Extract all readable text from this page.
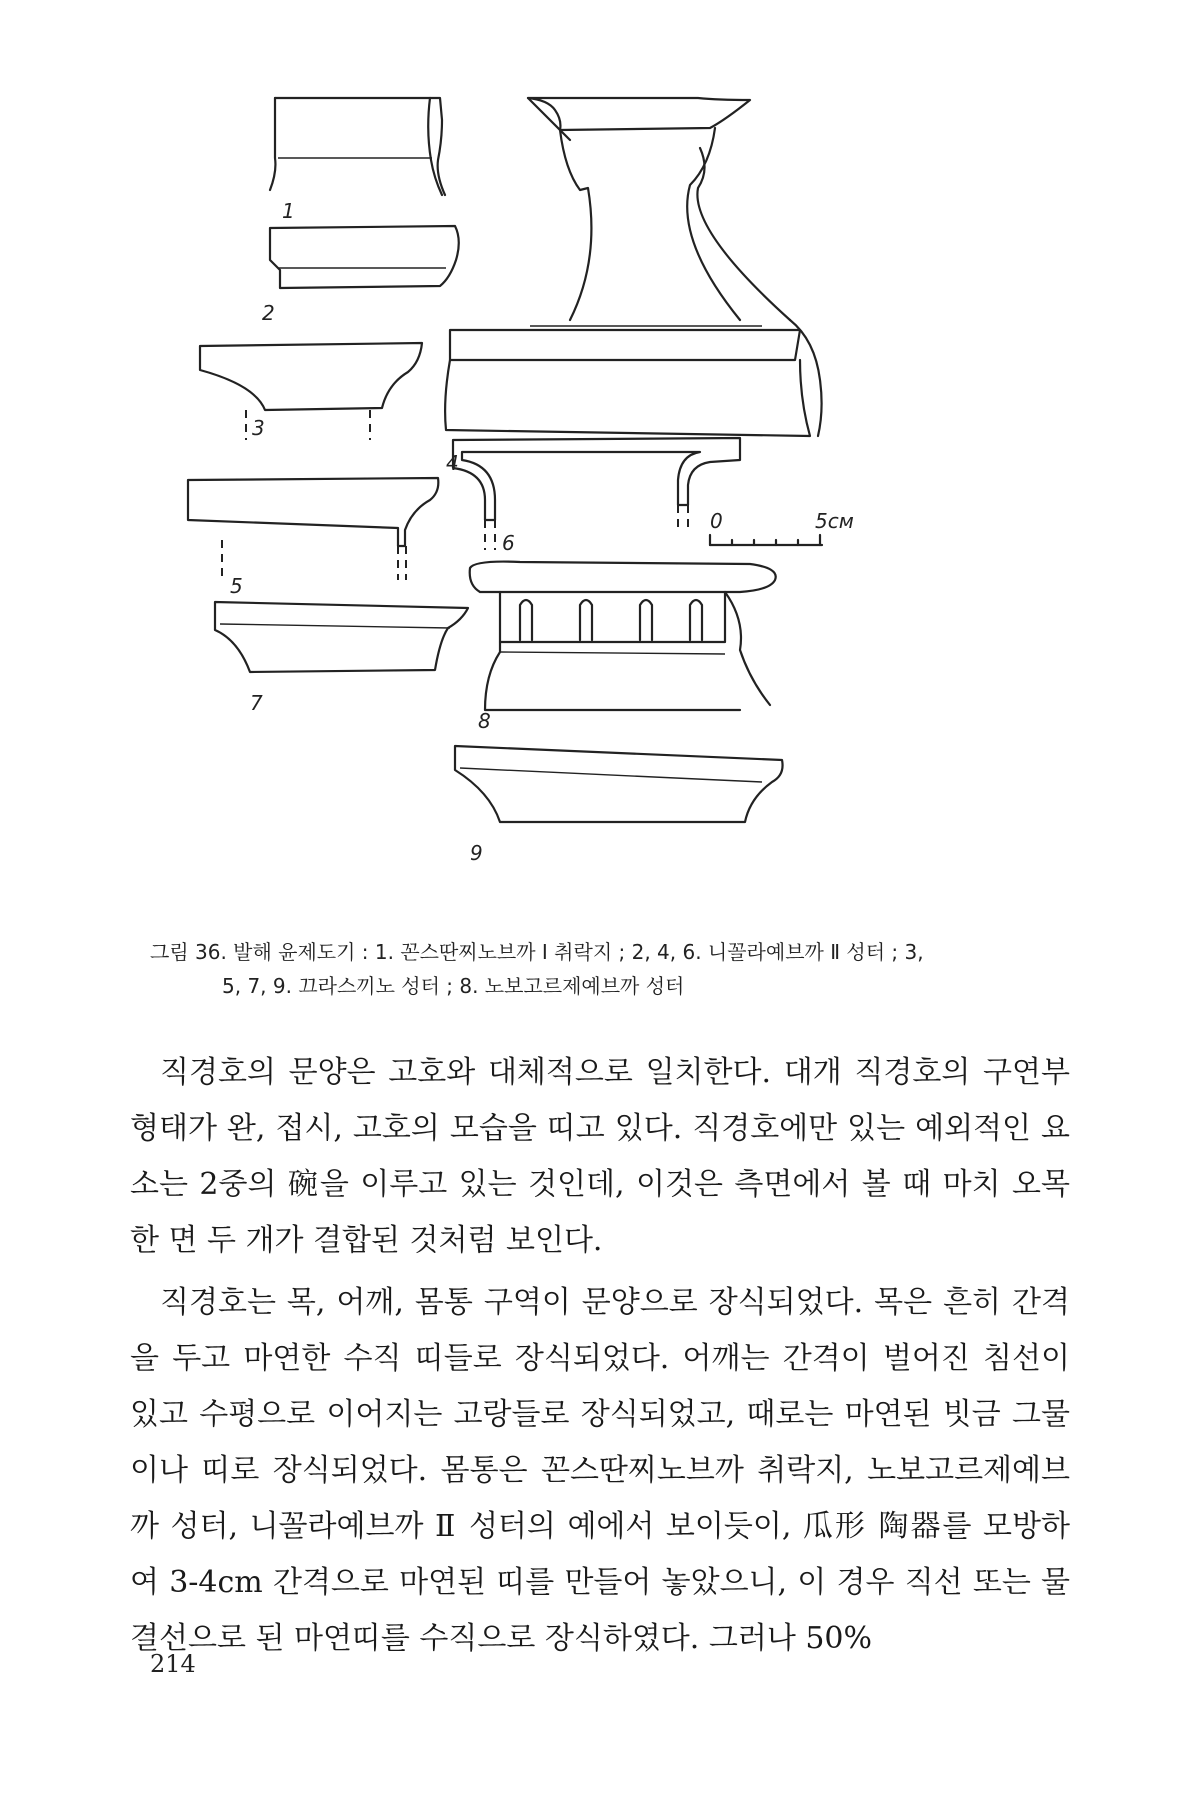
1
2
3
4
5
6
0	5см
7
8
9
그림 36. 발해 윤제도기 : 1. 꼰스딴찌노브까 Ⅰ 취락지 ; 2, 4, 6. 니꼴라예브까 Ⅱ 성터 ; 3,
5, 7, 9. 끄라스끼노 성터 ; 8. 노보고르제예브까 성터

직경호의 문양은 고호와 대체적으로 일치한다. 대개 직경호의 구연부 형태가 완, 접시, 고호의 모습을 띠고 있다. 직경호에만 있는 예외적인 요소는 2중의 碗을 이루고 있는 것인데, 이것은 측면에서 볼 때 마치 오목한 면 두 개가 결합된 것처럼 보인다.

직경호는 목, 어깨, 몸통 구역이 문양으로 장식되었다. 목은 흔히 간격을 두고 마연한 수직 띠들로 장식되었다. 어깨는 간격이 벌어진 침선이 있고 수평으로 이어지는 고랑들로 장식되었고, 때로는 마연된 빗금 그물이나 띠로 장식되었다. 몸통은 꼰스딴찌노브까 취락지, 노보고르제예브까 성터, 니꼴라예브까 Ⅱ 성터의 예에서 보이듯이, 瓜形 陶器를 모방하여 3-4cm 간격으로 마연된 띠를 만들어 놓았으니, 이 경우 직선 또는 물결선으로 된 마연띠를 수직으로 장식하였다. 그러나 50%

214
